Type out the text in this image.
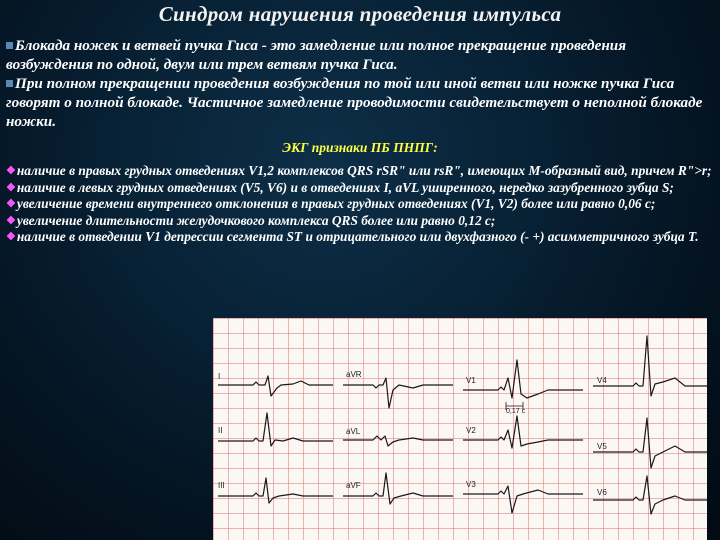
Синдром нарушения проведения импульса
Блокада ножек и ветвей пучка Гиса - это замедление или полное прекращение проведения возбуждения по одной, двум или трем ветвям пучка Гиса.
При полном прекращении проведения возбуждения по той или иной ветви или ножке пучка Гиса говорят о полной блокаде. Частичное замедление проводимости свидетельствует о неполной блокаде ножки.
ЭКГ признаки ПБ ПНПГ:

❖наличие в правых грудных отведениях V1,2 комплексов QRS rSR" или rsR", имеющих М-образный вид, причем R">r;

❖наличие в левых грудных отведениях (V5, V6) и в отведениях I, aVL уширенного, нередко зазубренного зубца S;

❖увеличение времени внутреннего отклонения в правых грудных отведениях (V1, V2) более или равно 0,06 с;

❖увеличение длительности желудочкового комплекса QRS более или равно 0,12 с;

❖наличие в отведении V1 депрессии сегмента ST и отрицательного или двухфазного (- +) асимметричного зубца Т.

I
II
III
aVR
aVL
aVF
V1
V2
V3
V4
V5
V6
0,17 с
